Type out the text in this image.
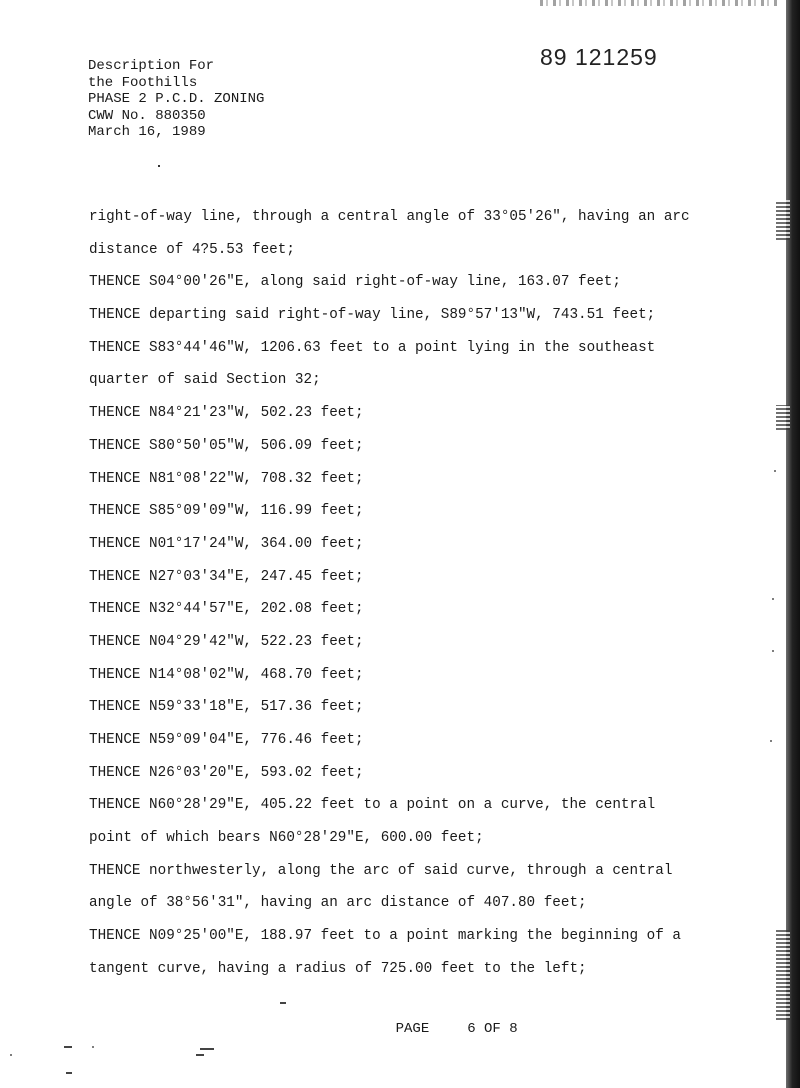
89 121259
Description For
the Foothills
PHASE 2 P.C.D. ZONING
CWW No. 880350
March 16, 1989
right-of-way line, through a central angle of 33°05'26", having an arc
distance of 4?5.53 feet;
THENCE S04°00'26"E, along said right-of-way line, 163.07 feet;
THENCE departing said right-of-way line, S89°57'13"W, 743.51 feet;
THENCE S83°44'46"W, 1206.63 feet to a point lying in the southeast
quarter of said Section 32;
THENCE N84°21'23"W, 502.23 feet;
THENCE S80°50'05"W, 506.09 feet;
THENCE N81°08'22"W, 708.32 feet;
THENCE S85°09'09"W, 116.99 feet;
THENCE N01°17'24"W, 364.00 feet;
THENCE N27°03'34"E, 247.45 feet;
THENCE N32°44'57"E, 202.08 feet;
THENCE N04°29'42"W, 522.23 feet;
THENCE N14°08'02"W, 468.70 feet;
THENCE N59°33'18"E, 517.36 feet;
THENCE N59°09'04"E, 776.46 feet;
THENCE N26°03'20"E, 593.02 feet;
THENCE N60°28'29"E, 405.22 feet to a point on a curve, the central
point of which bears N60°28'29"E, 600.00 feet;
THENCE northwesterly, along the arc of said curve, through a central
angle of 38°56'31", having an arc distance of 407.80 feet;
THENCE N09°25'00"E, 188.97 feet to a point marking the beginning of a
tangent curve, having a radius of 725.00 feet to the left;

PAGE	6 OF 8
